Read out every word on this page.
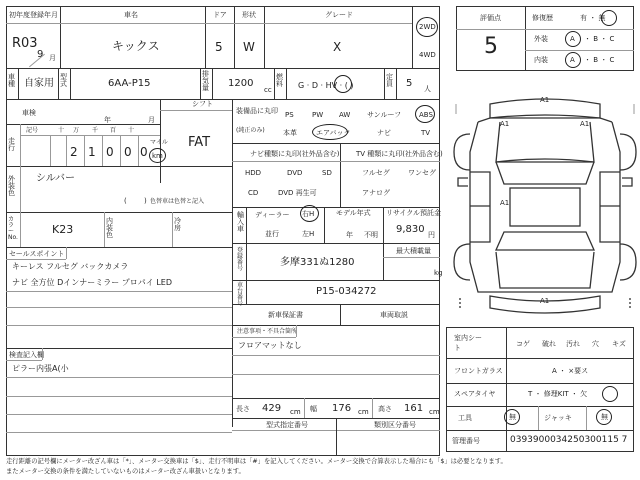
初年度登録年月
R03
9 月
車名
キックス
ドア
5
形状
W
グレード
X
2WD
4WD
車種 自家用
型式	6AA-P15
排気量 1200
cc
燃料 G · D · HV · ( )
定員 5 人
車検
年	月
シフト
FAT
走行
記号	十 万 千 百 十
マイル
2 1 0 0 0 km
外装色
シルバー
( ) 色替車は色替と記入
カラーNo.
K23
内装色
冷房
セールスポイント
キーレス フルセグ バックカメラ
ナビ 全方位 Dインナーミラー プロパイ LED
検査記入欄
ピラー内張A(小
装備品に丸印
(純正のみ)
PS	PW AW サンルーフ	ABS
本革	エアバック	ナビ	TV
ナビ種類に丸印(社外品含む) TV 種類に丸印(社外品含む)
HDD	DVD	SD
CD	DVD 再生可
フルセグ	ワンセグ
アナログ
輸入車
ディーラー
並行
右H
左H
モデル年式
年 不明
リサイクル預託金
9,830 円
登録番号
多摩331ぬ1280
最大積載量
kg
車台番号
P15-034272
新車保証書	車両取説
注意事項・不具合箇所
フロアマットなし
長さ 429 cm 幅 176 cm 高さ 161 cm
型式指定番号	類別区分番号
評価点
5
修復歴	有 ・ 無
外装	A ・ B ・ C
内装	A ・ B ・ C
A1
A1	A1
A1
A1
室内シート	コゲ 破れ 汚れ 穴 キズ
フロントガラス	A ・ ×要ス
スペアタイヤ	T ・ 修理KIT ・ 欠
工具	無	ジャッキ	無
管理番号	0393900034250300115 7
走行距離の記号欄にメーター改ざん車は「*」、メーター交換車は「$」、走行不明車は「#」を記入してください。メーター交換で合算表示した場合にも「$」は必要となります。
またメーター交換の条件を満たしていないものはメーター改ざん車扱いとなります。
